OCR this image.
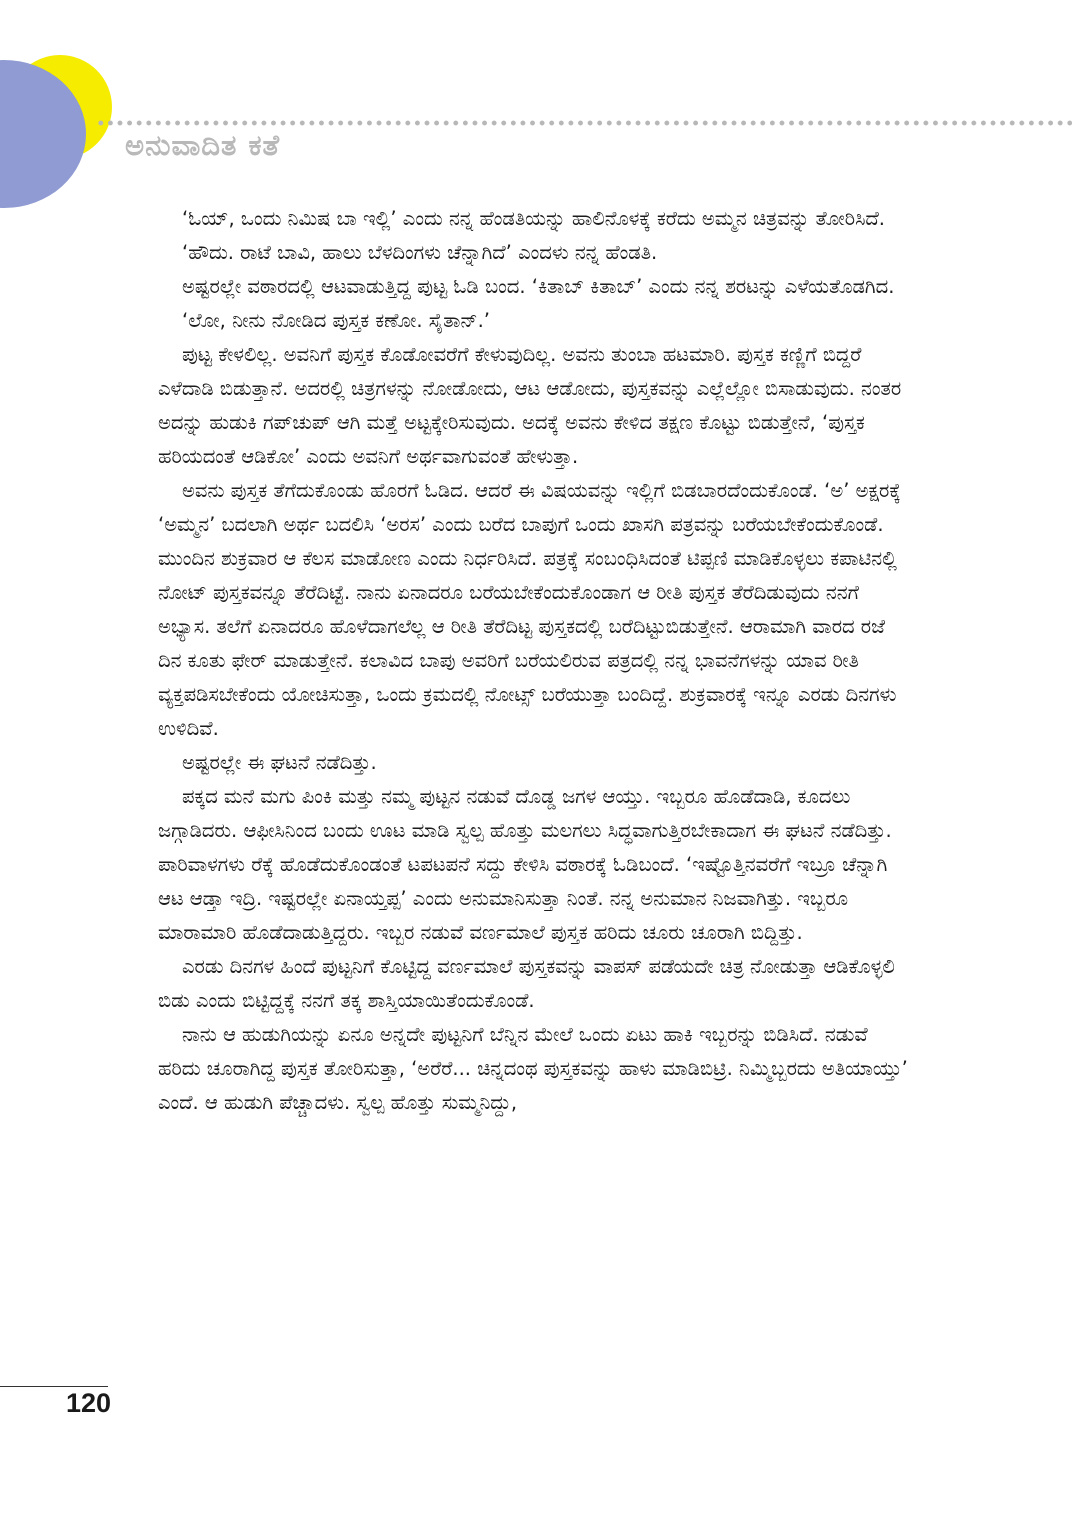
ಅನುವಾದಿತ ಕತೆ

‘ಓಯ್, ಒಂದು ನಿಮಿಷ ಬಾ ಇಲ್ಲಿ’ ಎಂದು ನನ್ನ ಹೆಂಡತಿಯನ್ನು ಹಾಲಿನೊಳಕ್ಕೆ ಕರೆದು ಅಮ್ಮನ ಚಿತ್ರವನ್ನು ತೋರಿಸಿದೆ.

‘ಹೌದು. ರಾಟೆ ಬಾವಿ, ಹಾಲು ಬೆಳದಿಂಗಳು ಚೆನ್ನಾಗಿದೆ’ ಎಂದಳು ನನ್ನ ಹೆಂಡತಿ.

ಅಷ್ಟರಲ್ಲೇ ವಠಾರದಲ್ಲಿ ಆಟವಾಡುತ್ತಿದ್ದ ಪುಟ್ಟ ಓಡಿ ಬಂದ. ‘ಕಿತಾಬ್ ಕಿತಾಬ್’ ಎಂದು ನನ್ನ ಶರಟನ್ನು ಎಳೆಯತೊಡಗಿದ.

‘ಲೋ, ನೀನು ನೋಡಿದ ಪುಸ್ತಕ ಕಣೋ. ಸೈತಾನ್.’

ಪುಟ್ಟ ಕೇಳಲಿಲ್ಲ. ಅವನಿಗೆ ಪುಸ್ತಕ ಕೊಡೋವರೆಗೆ ಕೇಳುವುದಿಲ್ಲ. ಅವನು ತುಂಬಾ ಹಟಮಾರಿ. ಪುಸ್ತಕ ಕಣ್ಣಿಗೆ ಬಿದ್ದರೆ ಎಳೆದಾಡಿ ಬಿಡುತ್ತಾನೆ. ಅದರಲ್ಲಿ ಚಿತ್ರಗಳನ್ನು ನೋಡೋದು, ಆಟ ಆಡೋದು, ಪುಸ್ತಕವನ್ನು ಎಲ್ಲೆಲ್ಲೋ ಬಿಸಾಡುವುದು. ನಂತರ ಅದನ್ನು ಹುಡುಕಿ ಗಪ್‌ಚುಪ್ ಆಗಿ ಮತ್ತೆ ಅಟ್ಟಕ್ಕೇರಿಸುವುದು. ಅದಕ್ಕೆ ಅವನು ಕೇಳಿದ ತಕ್ಷಣ ಕೊಟ್ಟು ಬಿಡುತ್ತೇನೆ, ‘ಪುಸ್ತಕ ಹರಿಯದಂತೆ ಆಡಿಕೋ’ ಎಂದು ಅವನಿಗೆ ಅರ್ಥವಾಗುವಂತೆ ಹೇಳುತ್ತಾ.

ಅವನು ಪುಸ್ತಕ ತೆಗೆದುಕೊಂಡು ಹೊರಗೆ ಓಡಿದ. ಆದರೆ ಈ ವಿಷಯವನ್ನು ಇಲ್ಲಿಗೆ ಬಿಡಬಾರದೆಂದುಕೊಂಡೆ. ‘ಅ’ ಅಕ್ಷರಕ್ಕೆ ‘ಅಮ್ಮನ’ ಬದಲಾಗಿ ಅರ್ಥ ಬದಲಿಸಿ ‘ಅರಸ’ ಎಂದು ಬರೆದ ಬಾಪುಗೆ ಒಂದು ಖಾಸಗಿ ಪತ್ರವನ್ನು ಬರೆಯಬೇಕೆಂದುಕೊಂಡೆ. ಮುಂದಿನ ಶುಕ್ರವಾರ ಆ ಕೆಲಸ ಮಾಡೋಣ ಎಂದು ನಿರ್ಧರಿಸಿದೆ. ಪತ್ರಕ್ಕೆ ಸಂಬಂಧಿಸಿದಂತೆ ಟಿಪ್ಪಣಿ ಮಾಡಿಕೊಳ್ಳಲು ಕಪಾಟಿನಲ್ಲಿ ನೋಟ್ ಪುಸ್ತಕವನ್ನೂ ತೆರೆದಿಟ್ಟೆ. ನಾನು ಏನಾದರೂ ಬರೆಯಬೇಕೆಂದುಕೊಂಡಾಗ ಆ ರೀತಿ ಪುಸ್ತಕ ತೆರೆದಿಡುವುದು ನನಗೆ ಅಭ್ಯಾಸ. ತಲೆಗೆ ಏನಾದರೂ ಹೊಳೆದಾಗಲೆಲ್ಲ ಆ ರೀತಿ ತೆರೆದಿಟ್ಟ ಪುಸ್ತಕದಲ್ಲಿ ಬರೆದಿಟ್ಟುಬಿಡುತ್ತೇನೆ. ಆರಾಮಾಗಿ ವಾರದ ರಜೆ ದಿನ ಕೂತು ಫೇರ್ ಮಾಡುತ್ತೇನೆ. ಕಲಾವಿದ ಬಾಪು ಅವರಿಗೆ ಬರೆಯಲಿರುವ ಪತ್ರದಲ್ಲಿ ನನ್ನ ಭಾವನೆಗಳನ್ನು ಯಾವ ರೀತಿ ವ್ಯಕ್ತಪಡಿಸಬೇಕೆಂದು ಯೋಚಿಸುತ್ತಾ, ಒಂದು ಕ್ರಮದಲ್ಲಿ ನೋಟ್ಸ್ ಬರೆಯುತ್ತಾ ಬಂದಿದ್ದೆ. ಶುಕ್ರವಾರಕ್ಕೆ ಇನ್ನೂ ಎರಡು ದಿನಗಳು ಉಳಿದಿವೆ.

ಅಷ್ಟರಲ್ಲೇ ಈ ಘಟನೆ ನಡೆದಿತ್ತು.

ಪಕ್ಕದ ಮನೆ ಮಗು ಪಿಂಕಿ ಮತ್ತು ನಮ್ಮ ಪುಟ್ಟನ ನಡುವೆ ದೊಡ್ಡ ಜಗಳ ಆಯ್ತು. ಇಬ್ಬರೂ ಹೊಡೆದಾಡಿ, ಕೂದಲು ಜಗ್ಗಾಡಿದರು. ಆಫೀಸಿನಿಂದ ಬಂದು ಊಟ ಮಾಡಿ ಸ್ವಲ್ಪ ಹೊತ್ತು ಮಲಗಲು ಸಿದ್ಧವಾಗುತ್ತಿರಬೇಕಾದಾಗ ಈ ಘಟನೆ ನಡೆದಿತ್ತು. ಪಾರಿವಾಳಗಳು ರೆಕ್ಕೆ ಹೊಡೆದುಕೊಂಡಂತೆ ಟಪಟಪನೆ ಸದ್ದು ಕೇಳಿಸಿ ವಠಾರಕ್ಕೆ ಓಡಿಬಂದೆ. ‘ಇಷ್ಟೊತ್ತಿನವರೆಗೆ ಇಬ್ರೂ ಚೆನ್ನಾಗಿ ಆಟ ಆಡ್ತಾ ಇದ್ರಿ. ಇಷ್ಟರಲ್ಲೇ ಏನಾಯ್ತಪ್ಪ’ ಎಂದು ಅನುಮಾನಿಸುತ್ತಾ ನಿಂತೆ. ನನ್ನ ಅನುಮಾನ ನಿಜವಾಗಿತ್ತು. ಇಬ್ಬರೂ ಮಾರಾಮಾರಿ ಹೊಡೆದಾಡುತ್ತಿದ್ದರು. ಇಬ್ಬರ ನಡುವೆ ವರ್ಣಮಾಲೆ ಪುಸ್ತಕ ಹರಿದು ಚೂರು ಚೂರಾಗಿ ಬಿದ್ದಿತ್ತು.

ಎರಡು ದಿನಗಳ ಹಿಂದೆ ಪುಟ್ಟನಿಗೆ ಕೊಟ್ಟಿದ್ದ ವರ್ಣಮಾಲೆ ಪುಸ್ತಕವನ್ನು ವಾಪಸ್ ಪಡೆಯದೇ ಚಿತ್ರ ನೋಡುತ್ತಾ ಆಡಿಕೊಳ್ಳಲಿ ಬಿಡು ಎಂದು ಬಿಟ್ಟಿದ್ದಕ್ಕೆ ನನಗೆ ತಕ್ಕ ಶಾಸ್ತಿಯಾಯಿತೆಂದುಕೊಂಡೆ.

ನಾನು ಆ ಹುಡುಗಿಯನ್ನು ಏನೂ ಅನ್ನದೇ ಪುಟ್ಟನಿಗೆ ಬೆನ್ನಿನ ಮೇಲೆ ಒಂದು ಏಟು ಹಾಕಿ ಇಬ್ಬರನ್ನು ಬಿಡಿಸಿದೆ. ನಡುವೆ ಹರಿದು ಚೂರಾಗಿದ್ದ ಪುಸ್ತಕ ತೋರಿಸುತ್ತಾ, ‘ಅರೆರೆ... ಚಿನ್ನದಂಥ ಪುಸ್ತಕವನ್ನು ಹಾಳು ಮಾಡಿಬಿಟ್ರಿ. ನಿಮ್ಮಿಬ್ಬರದು ಅತಿಯಾಯ್ತು’ ಎಂದೆ. ಆ ಹುಡುಗಿ ಪೆಚ್ಚಾದಳು. ಸ್ವಲ್ಪ ಹೊತ್ತು ಸುಮ್ಮನಿದ್ದು,

120
